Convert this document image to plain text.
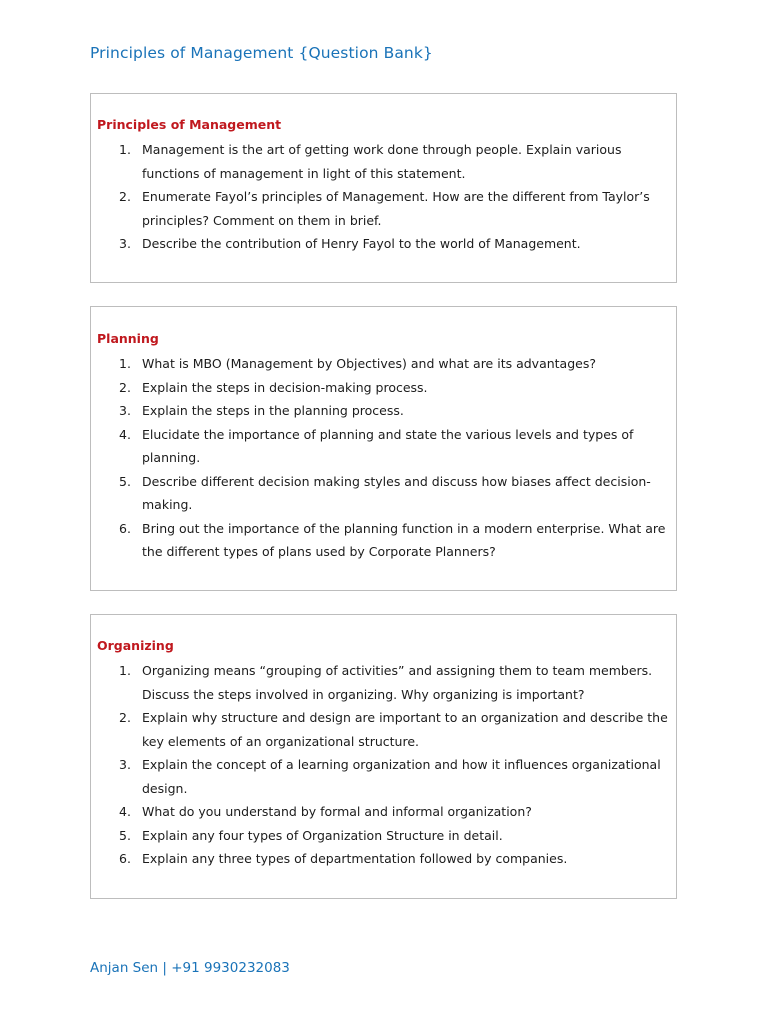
Principles of Management {Question Bank}
Principles of Management
1. Management is the art of getting work done through people. Explain various functions of management in light of this statement.
2. Enumerate Fayol’s principles of Management. How are the different from Taylor’s principles? Comment on them in brief.
3. Describe the contribution of Henry Fayol to the world of Management.
Planning
1. What is MBO (Management by Objectives) and what are its advantages?
2. Explain the steps in decision-making process.
3. Explain the steps in the planning process.
4. Elucidate the importance of planning and state the various levels and types of planning.
5. Describe different decision making styles and discuss how biases affect decision-making.
6. Bring out the importance of the planning function in a modern enterprise. What are the different types of plans used by Corporate Planners?
Organizing
1. Organizing means “grouping of activities” and assigning them to team members. Discuss the steps involved in organizing. Why organizing is important?
2. Explain why structure and design are important to an organization and describe the key elements of an organizational structure.
3. Explain the concept of a learning organization and how it influences organizational design.
4. What do you understand by formal and informal organization?
5. Explain any four types of Organization Structure in detail.
6. Explain any three types of departmentation followed by companies.
Anjan Sen | +91 9930232083
